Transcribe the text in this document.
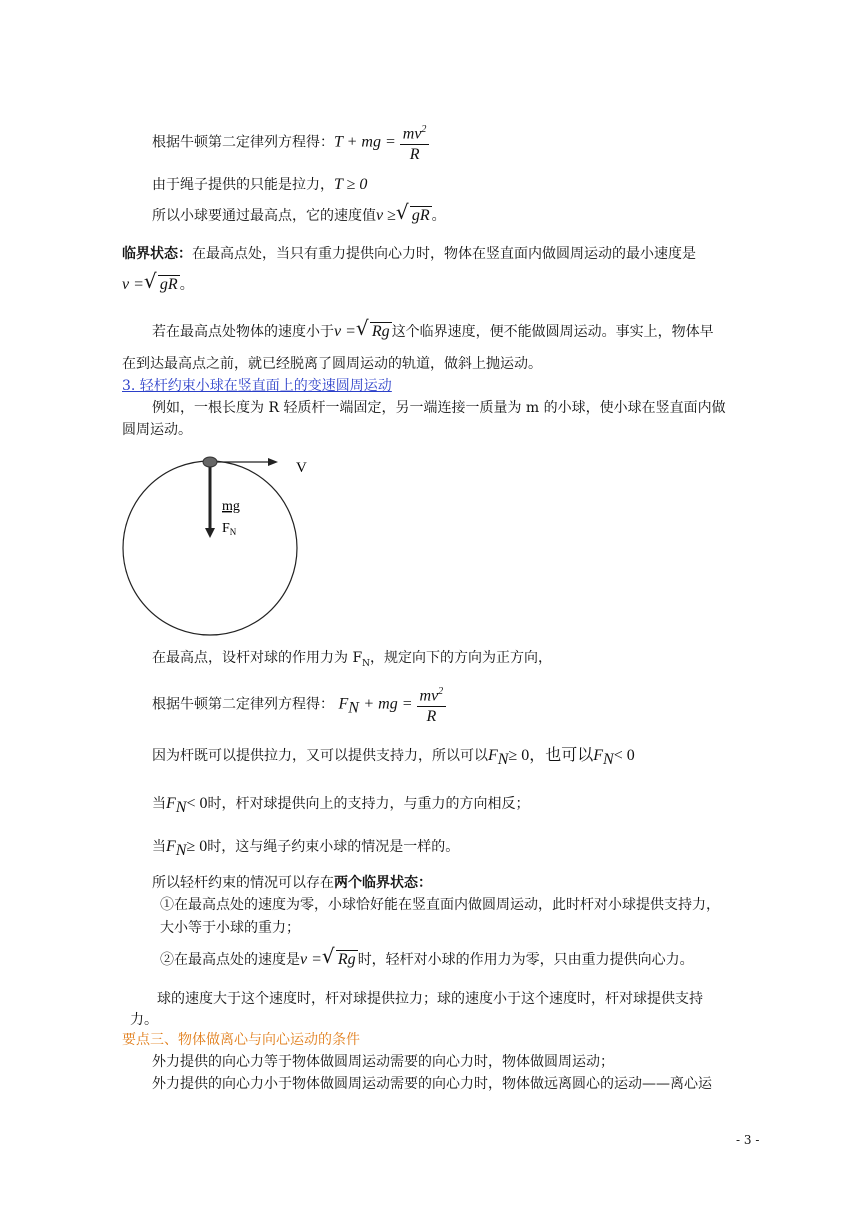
根据牛顿第二定律列方程得：T + mg = $\frac{mv^2}{R}$
由于绳子提供的只能是拉力，T ≥ 0
所以小球要通过最高点，它的速度值v ≥ √ gR 。
临界状态：在最高点处，当只有重力提供向心力时，物体在竖直面内做圆周运动的最小速度是
v = √ gR 。
若在最高点处物体的速度小于v = √ Rg 这个临界速度，便不能做圆周运动。事实上，物体早
在到达最高点之前，就已经脱离了圆周运动的轨道，做斜上抛运动。
3. 轻杆约束小球在竖直面上的变速圆周运动
例如，一根长度为 R 轻质杆一端固定，另一端连接一质量为 m 的小球，使小球在竖直面内做
圆周运动。
V
mg
$F_N$
在最高点，设杆对球的作用力为 $F_N$，规定向下的方向为正方向，
根据牛顿第二定律列方程得： $F_N$ + mg = $\frac{mv^2}{R}$
因为杆既可以提供拉力，又可以提供支持力，所以可以$F_N\ge 0$，也可以$F_N< 0$
当$F_N< 0$时，杆对球提供向上的支持力，与重力的方向相反；
当$F_N\ge 0$时，这与绳子约束小球的情况是一样的。
所以轻杆约束的情况可以存在两个临界状态：
①在最高点处的速度为零，小球恰好能在竖直面内做圆周运动，此时杆对小球提供支持力，
大小等于小球的重力；
②在最高点处的速度是v = √ Rg 时，轻杆对小球的作用力为零，只由重力提供向心力。
球的速度大于这个速度时，杆对球提供拉力；球的速度小于这个速度时，杆对球提供支持
力。
要点三、物体做离心与向心运动的条件
外力提供的向心力等于物体做圆周运动需要的向心力时，物体做圆周运动；
外力提供的向心力小于物体做圆周运动需要的向心力时，物体做远离圆心的运动——离心运
- 3 -
